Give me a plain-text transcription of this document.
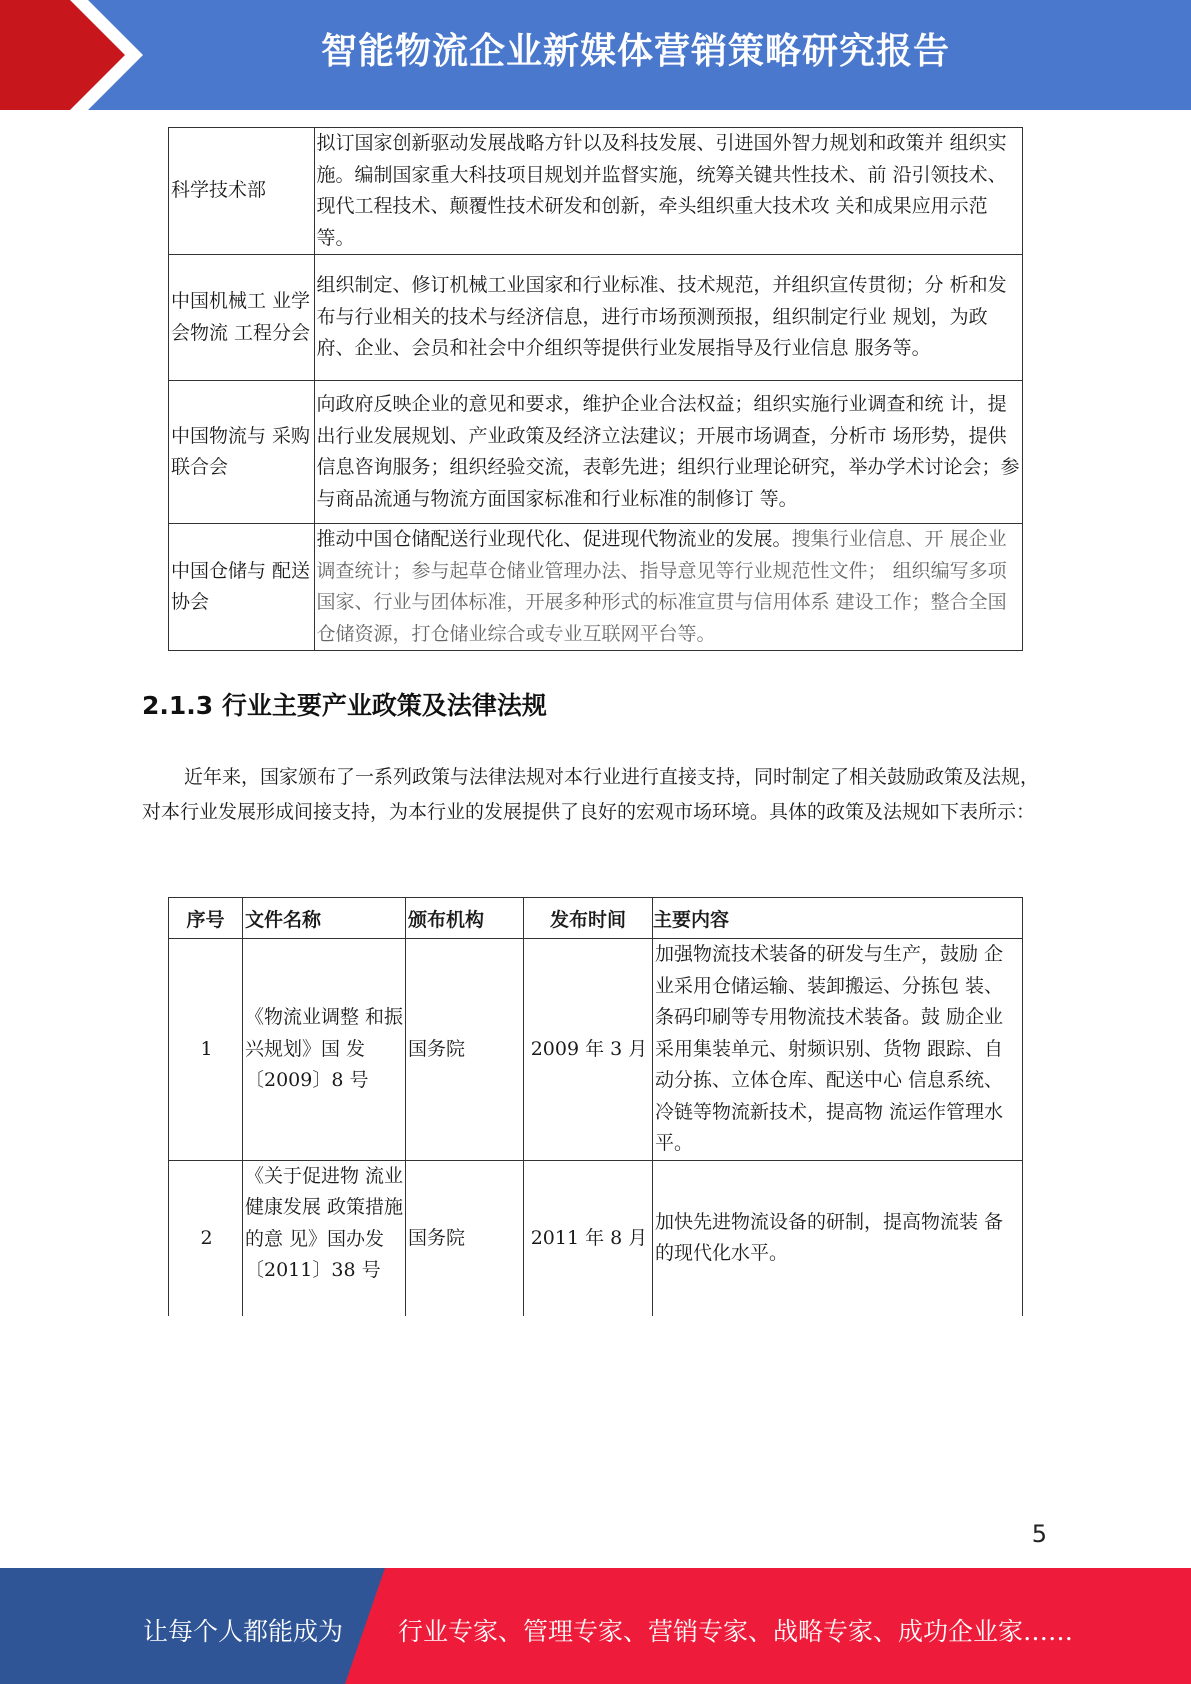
智能物流企业新媒体营销策略研究报告
科学技术部	拟订国家创新驱动发展战略方针以及科技发展、引进国外智力规划和政策并 组织实施。编制国家重大科技项目规划并监督实施，统筹关键共性技术、前 沿引领技术、现代工程技术、颠覆性技术研发和创新，牵头组织重大技术攻 关和成果应用示范等。
中国机械工 业学会物流 工程分会	组织制定、修订机械工业国家和行业标准、技术规范，并组织宣传贯彻；分 析和发布与行业相关的技术与经济信息，进行市场预测预报，组织制定行业 规划，为政府、企业、会员和社会中介组织等提供行业发展指导及行业信息 服务等。
中国物流与 采购联合会	向政府反映企业的意见和要求，维护企业合法权益；组织实施行业调查和统 计，提出行业发展规划、产业政策及经济立法建议；开展市场调查，分析市 场形势，提供信息咨询服务；组织经验交流，表彰先进；组织行业理论研究，举办学术讨论会；参与商品流通与物流方面国家标准和行业标准的制修订 等。
中国仓储与 配送协会	推动中国仓储配送行业现代化、促进现代物流业的发展。搜集行业信息、开 展企业调查统计；参与起草仓储业管理办法、指导意见等行业规范性文件； 组织编写多项国家、行业与团体标准，开展多种形式的标准宣贯与信用体系 建设工作；整合全国仓储资源，打仓储业综合或专业互联网平台等。
2.1.3 行业主要产业政策及法律法规
近年来，国家颁布了一系列政策与法律法规对本行业进行直接支持，同时制定了相关鼓励政策及法规，对本行业发展形成间接支持，为本行业的发展提供了良好的宏观市场环境。具体的政策及法规如下表所示：
序号	文件名称	颁布机构	发布时间	主要内容
1	《物流业调整 和振兴规划》国 发〔2009〕8 号	国务院	2009 年 3 月	加强物流技术装备的研发与生产，鼓励 企业采用仓储运输、装卸搬运、分拣包 装、条码印刷等专用物流技术装备。鼓 励企业采用集装单元、射频识别、货物 跟踪、自动分拣、立体仓库、配送中心 信息系统、冷链等物流新技术，提高物 流运作管理水平。
2	《关于促进物 流业健康发展 政策措施的意 见》国办发〔2011〕38 号	国务院	2011 年 8 月	加快先进物流设备的研制，提高物流装 备的现代化水平。
5
让每个人都能成为 行业专家、管理专家、营销专家、战略专家、成功企业家……
